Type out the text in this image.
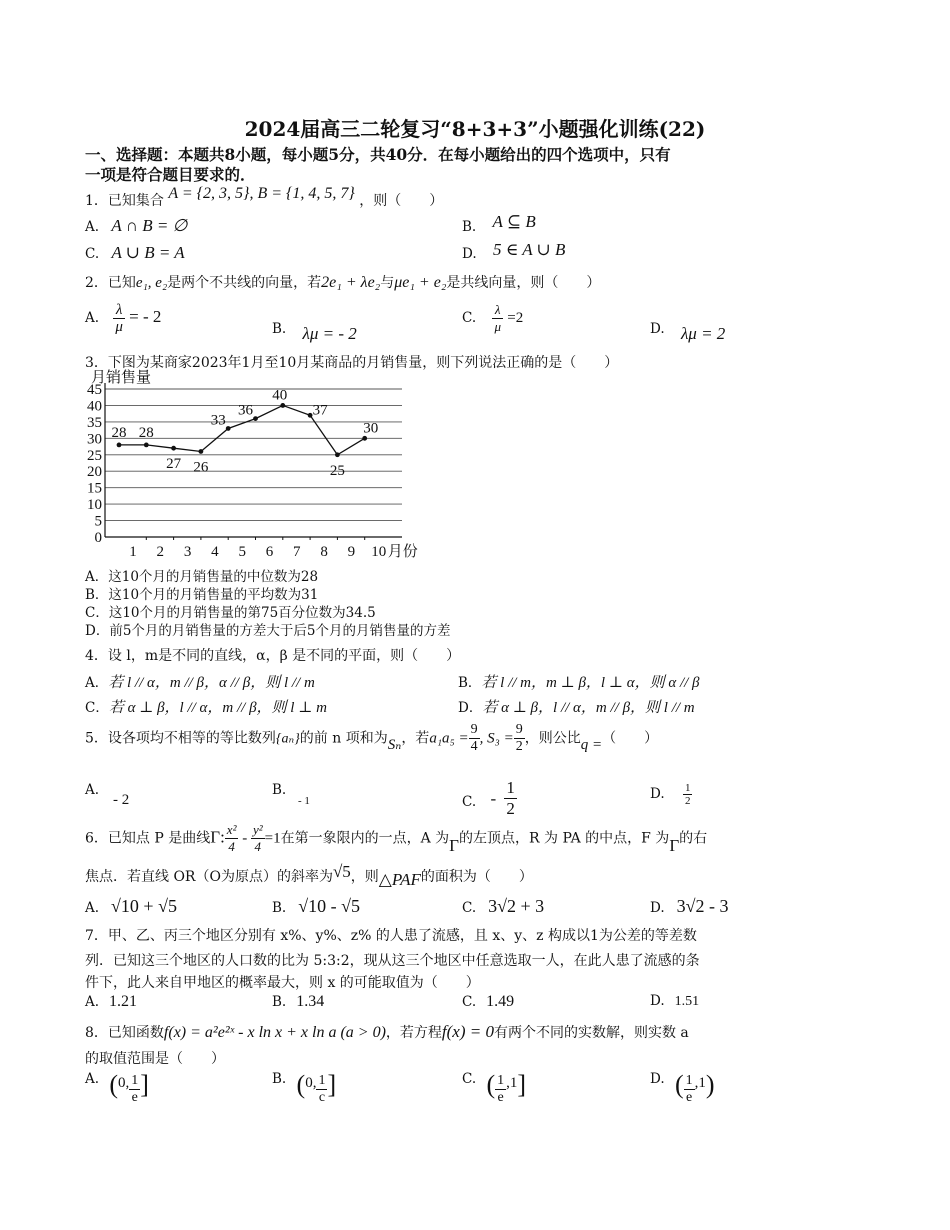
2024届高三二轮复习“8+3+3”小题强化训练(22)
一、选择题：本题共8小题，每小题5分，共40分．在每小题给出的四个选项中，只有
一项是符合题目要求的．
1．已知集合 A = {2, 3, 5}, B = {1, 4, 5, 7} ，则（　　）
A. A ∩ B = ∅	B. A ⊆ B
C. A ∪ B = A	D. 5 ∈ A ∪ B
2．已知e₁, e₂是两个不共线的向量，若2e₁ + λe₂与μe₁ + e₂是共线向量，则（　　）
A. $\frac{\lambda}{\mu}$ = - 2
B. λμ = - 2
C. $\frac{\lambda}{\mu} =2$
D. λμ = 2
3．下图为某商家2023年1月至10月某商品的月销售量，则下列说法正确的是（　　）
0
5
10
15
20
25
30
35
40
45
1 2 3 4 5 6 7 8 9 10
月销售量
月份
28 28
27 26
33
36
40
37
25
30
A．这10个月的月销售量的中位数为28
B．这10个月的月销售量的平均数为31
C．这10个月的月销售量的第75百分位数为34.5
D．前5个月的月销售量的方差大于后5个月的月销售量的方差
4．设 l，m是不同的直线，α，β 是不同的平面，则（　　）
A．若 l // α，m // β，α // β，则 l // m	B．若 l // m，m ⊥ β，l ⊥ α，则 α // β
C．若 α ⊥ β，l // α，m // β，则 l ⊥ m	D．若 α ⊥ β，l // α，m // β，则 l // m
5．设各项均不相等的等比数列{aₙ}的前 n 项和为Sₙ，若$a_1a_5 = \frac{9}{4}$ , $S_3 = \frac{9}{2}$ ，则公比q =（　　）
A.
- 2
B.
- 1	C. - $\frac{1}{2}$	D. $\frac{1}{2}$
6．已知点 P 是曲线Γ: $\frac{\text{x²}}{4} - \frac{\text{y²}}{4} =1$在第一象限内的一点，A 为Γ的左顶点，R 为 PA 的中点，F 为Γ的右
焦点．若直线 OR（O为原点）的斜率为√5，则△PAF的面积为（　　）
A. √10 + √5	B. √10 - √5	C. 3√2 + 3	D. 3√2 - 3
7．甲、乙、丙三个地区分别有 x%、y%、z% 的人患了流感，且 x、y、z 构成以1为公差的等差数
列．已知这三个地区的人口数的比为 5:3:2，现从这三个地区中任意选取一人，在此人患了流感的条
件下，此人来自甲地区的概率最大，则 x 的可能取值为（　　）
A. 1.21	B. 1.34	C. 1.49	D. 1.51
8．已知函数f(x) = a²e²ˣ - x ln x + x ln a (a > 0)，若方程f(x) = 0有两个不同的实数解，则实数 a
的取值范围是（　　）
A. (0, $\frac{1}{e}$ ]	B. (0, $\frac{1}{c}$ ]	C. ( $\frac{1}{e} ,1$]	D. ( $\frac{1}{e} ,1$)
